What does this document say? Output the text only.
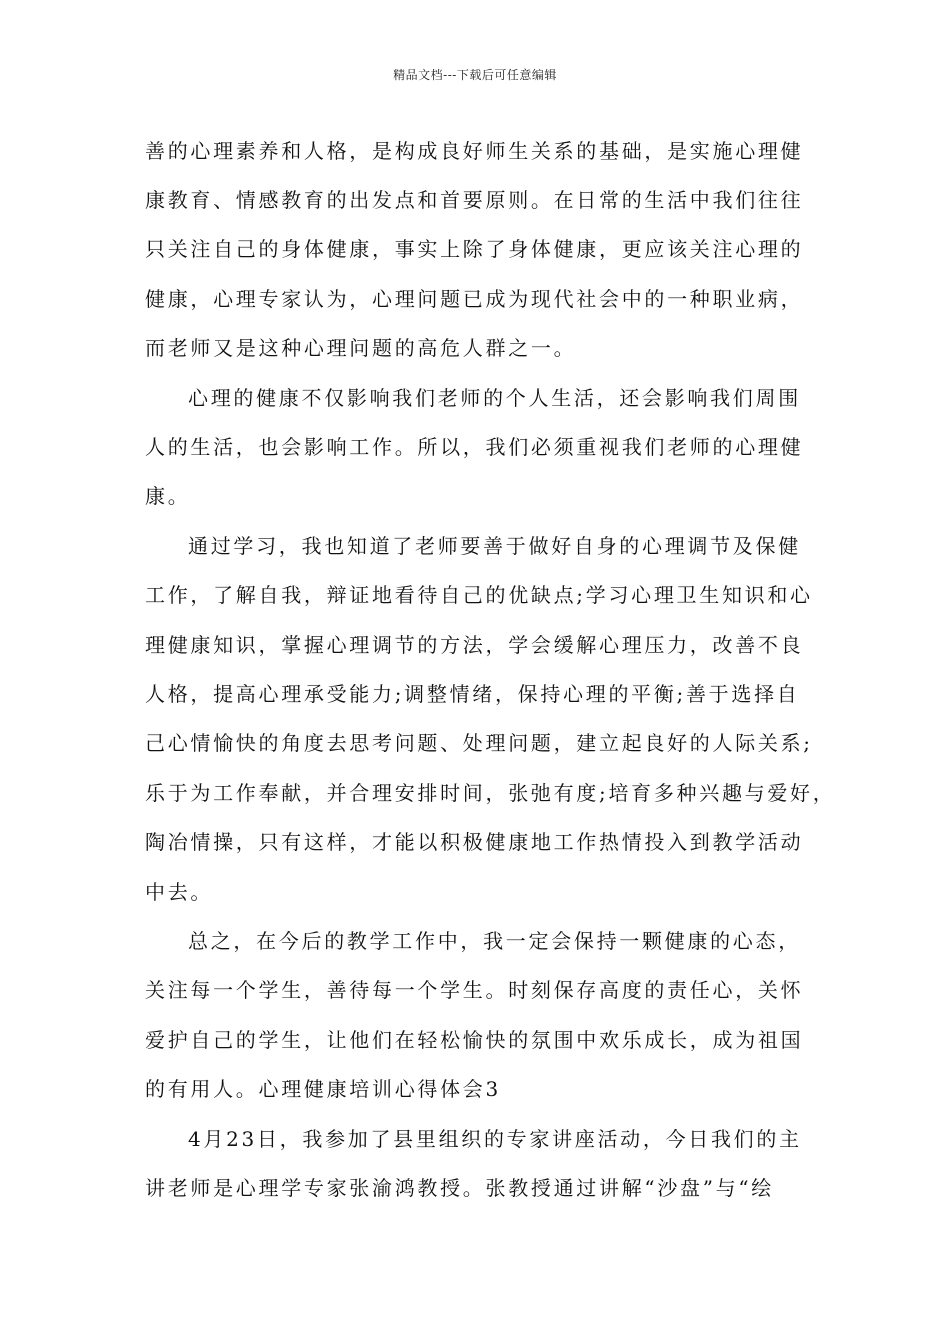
精品文档---下载后可任意编辑
善的心理素养和人格，是构成良好师生关系的基础，是实施心理健
康教育、情感教育的出发点和首要原则。在日常的生活中我们往往
只关注自己的身体健康，事实上除了身体健康，更应该关注心理的
健康，心理专家认为，心理问题已成为现代社会中的一种职业病，
而老师又是这种心理问题的高危人群之一。
心理的健康不仅影响我们老师的个人生活，还会影响我们周围
人的生活，也会影响工作。所以，我们必须重视我们老师的心理健
康。
通过学习，我也知道了老师要善于做好自身的心理调节及保健
工作，了解自我，辩证地看待自己的优缺点;学习心理卫生知识和心
理健康知识，掌握心理调节的方法，学会缓解心理压力，改善不良
人格，提高心理承受能力;调整情绪，保持心理的平衡;善于选择自
己心情愉快的角度去思考问题、处理问题，建立起良好的人际关系;
乐于为工作奉献，并合理安排时间，张弛有度;培育多种兴趣与爱好，
陶冶情操，只有这样，才能以积极健康地工作热情投入到教学活动
中去。
总之，在今后的教学工作中，我一定会保持一颗健康的心态，
关注每一个学生，善待每一个学生。时刻保存高度的责任心，关怀
爱护自己的学生，让他们在轻松愉快的氛围中欢乐成长，成为祖国
的有用人。心理健康培训心得体会3
4月23日，我参加了县里组织的专家讲座活动，今日我们的主
讲老师是心理学专家张渝鸿教授。张教授通过讲解“沙盘”与“绘
